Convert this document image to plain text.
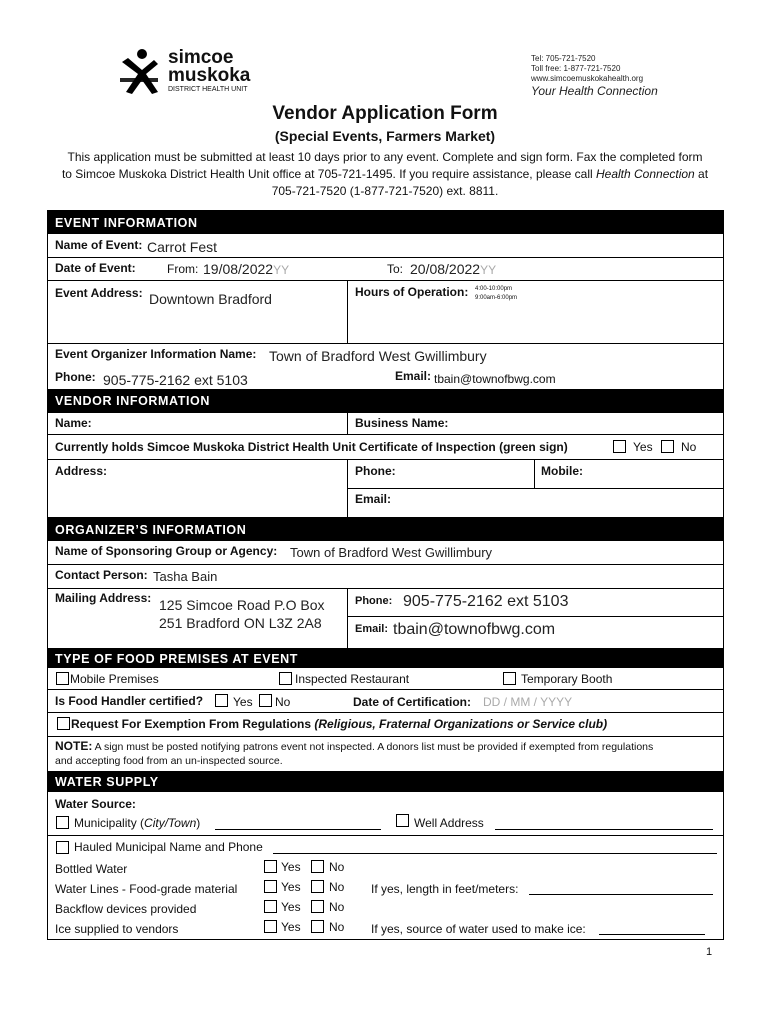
simcoe
muskoka
DISTRICT HEALTH UNIT
Tel: 705-721-7520
Toll free: 1-877-721-7520
www.simcoemuskokahealth.org
Your Health Connection
Vendor Application Form
(Special Events, Farmers Market)
This application must be submitted at least 10 days prior to any event. Complete and sign form. Fax the completed form
to Simcoe Muskoka District Health Unit office at 705-721-1495. If you require assistance, please call Health Connection at
705-721-7520 (1-877-721-7520) ext. 8811.
EVENT INFORMATION
Name of Event: Carrot Fest
Date of Event:	From: 19/08/2022YY	To: 20/08/2022YY
Event Address: Downtown Bradford	Hours of Operation: 4:00-10:00pm
9:00am-6:00pm
Event Organizer Information Name: Town of Bradford West Gwillimbury
Phone: 905-775-2162 ext 5103	Email: tbain@townofbwg.com
VENDOR INFORMATION
Name:	Business Name:
Currently holds Simcoe Muskoka District Health Unit Certificate of Inspection (green sign)	Yes No
Address:	Phone:	Mobile:
Email:
ORGANIZER’S INFORMATION
Name of Sponsoring Group or Agency: Town of Bradford West Gwillimbury
Contact Person: Tasha Bain
Mailing Address: 125 Simcoe Road P.O Box
251 Bradford ON L3Z 2A8
Phone: 905-775-2162 ext 5103
Email: tbain@townofbwg.com
TYPE OF FOOD PREMISES AT EVENT
Mobile Premises	Inspected Restaurant	Temporary Booth
Is Food Handler certified? Yes No	Date of Certification: DD / MM / YYYY
Request For Exemption From Regulations (Religious, Fraternal Organizations or Service club)
NOTE: A sign must be posted notifying patrons event not inspected. A donors list must be provided if exempted from regulations
and accepting food from an un-inspected source.
WATER SUPPLY
Water Source:
Municipality (City/Town)	Well Address
Hauled Municipal Name and Phone
Bottled Water	Yes No
Water Lines - Food-grade material	Yes No If yes, length in feet/meters:
Backflow devices provided	Yes No
Ice supplied to vendors	Yes No If yes, source of water used to make ice:
1
